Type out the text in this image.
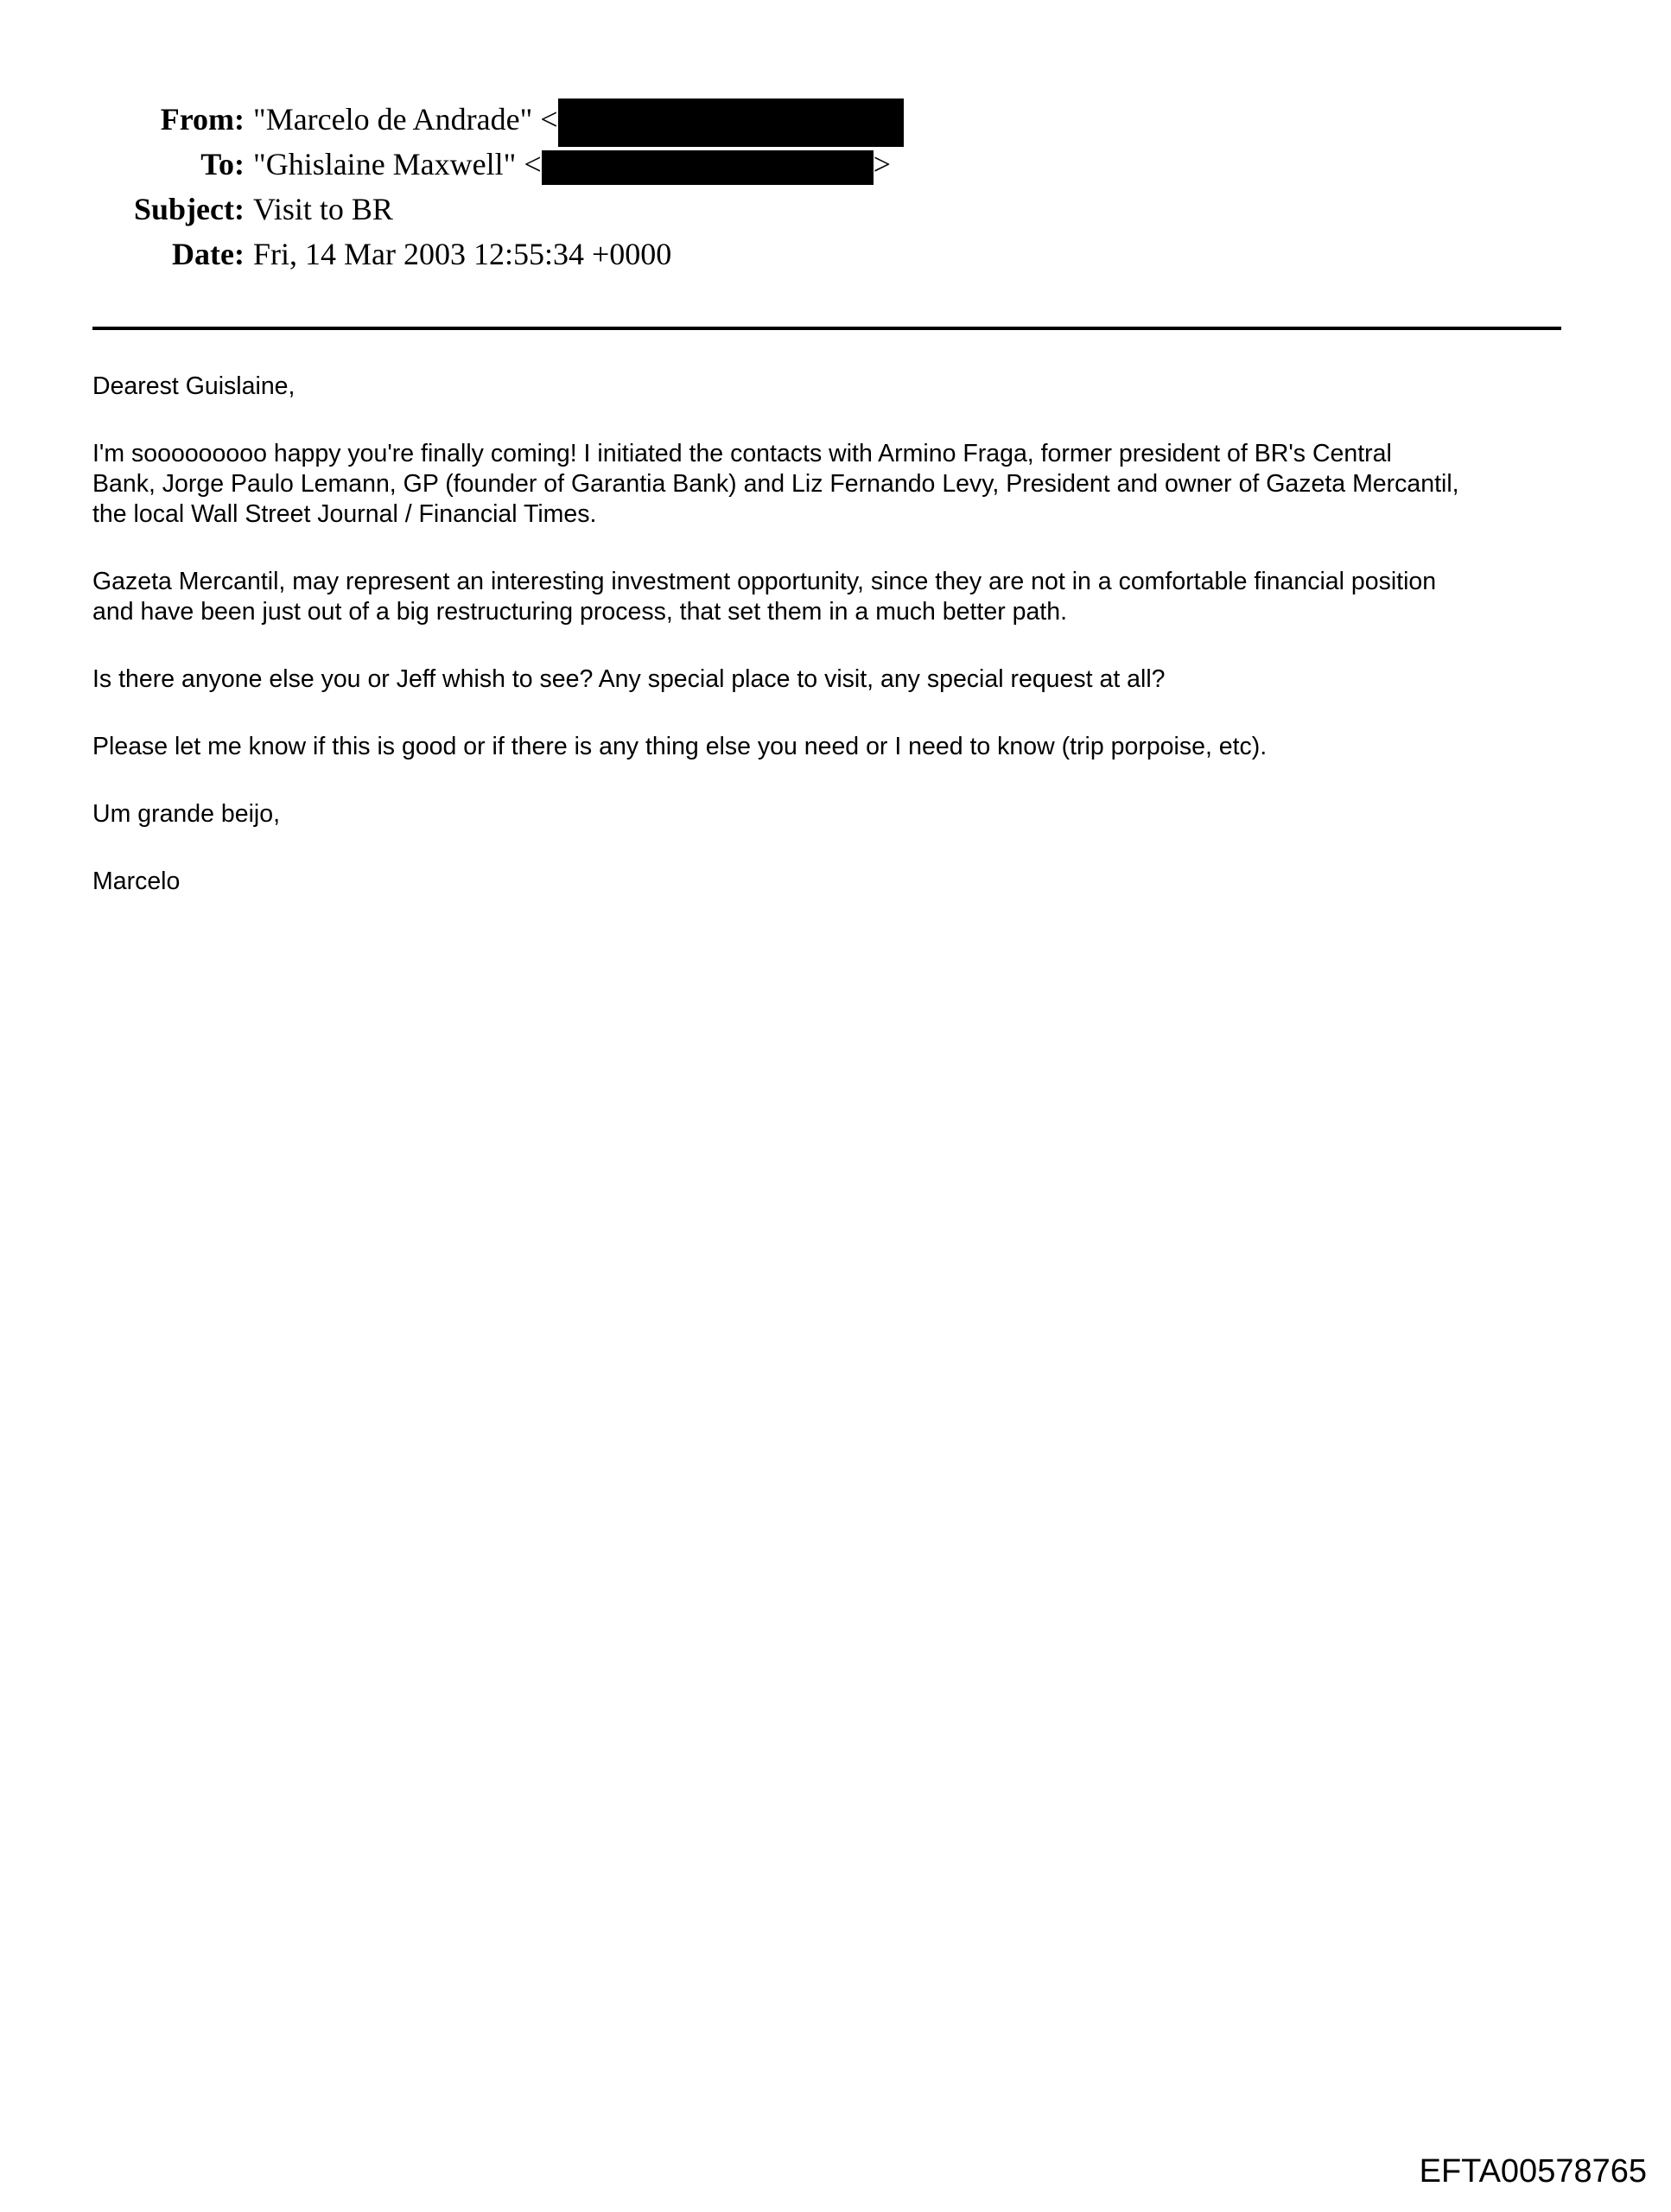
From: "Marcelo de Andrade" <
To: "Ghislaine Maxwell" <	>
Subject: Visit to BR
Date: Fri, 14 Mar 2003 12:55:34 +0000

Dearest Guislaine,

I'm sooooooooo happy you're finally coming! I initiated the contacts with Armino Fraga, former president of BR's Central
Bank, Jorge Paulo Lemann, GP (founder of Garantia Bank) and Liz Fernando Levy, President and owner of Gazeta Mercantil,
the local Wall Street Journal / Financial Times.

Gazeta Mercantil, may represent an interesting investment opportunity, since they are not in a comfortable financial position
and have been just out of a big restructuring process, that set them in a much better path.

Is there anyone else you or Jeff whish to see? Any special place to visit, any special request at all?

Please let me know if this is good or if there is any thing else you need or I need to know (trip porpoise, etc).

Um grande beijo,

Marcelo

EFTA00578765
